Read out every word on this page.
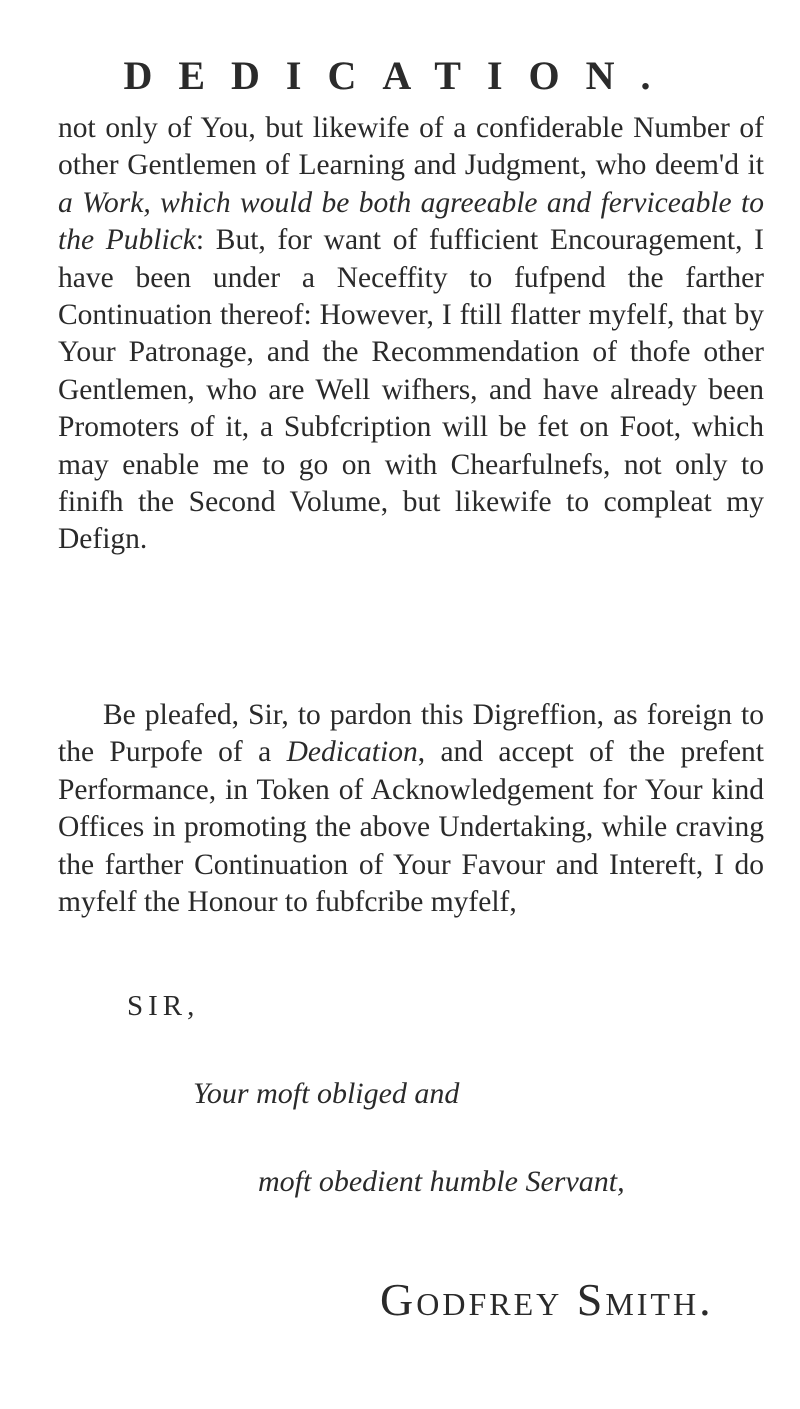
DEDICATION.

not only of You, but likewife of a confiderable Number of other Gentlemen of Learning and Judgment, who deem'd it a Work, which would be both agreeable and ferviceable to the Publick: But, for want of fufficient Encouragement, I have been under a Neceffity to fufpend the farther Continuation thereof: However, I ftill flatter myfelf, that by Your Patronage, and the Recommendation of thofe other Gentlemen, who are Well wifhers, and have already been Promoters of it, a Subfcription will be fet on Foot, which may enable me to go on with Chearfulnefs, not only to finifh the Second Volume, but likewife to compleat my Defign.

Be pleafed, Sir, to pardon this Digreffion, as foreign to the Purpofe of a Dedication, and accept of the prefent Performance, in Token of Acknowledgement for Your kind Offices in promoting the above Undertaking, while craving the farther Continuation of Your Favour and Intereft, I do myfelf the Honour to fubfcribe myfelf,

SIR,

Your moft obliged and

moft obedient humble Servant,

Godfrey Smith.
